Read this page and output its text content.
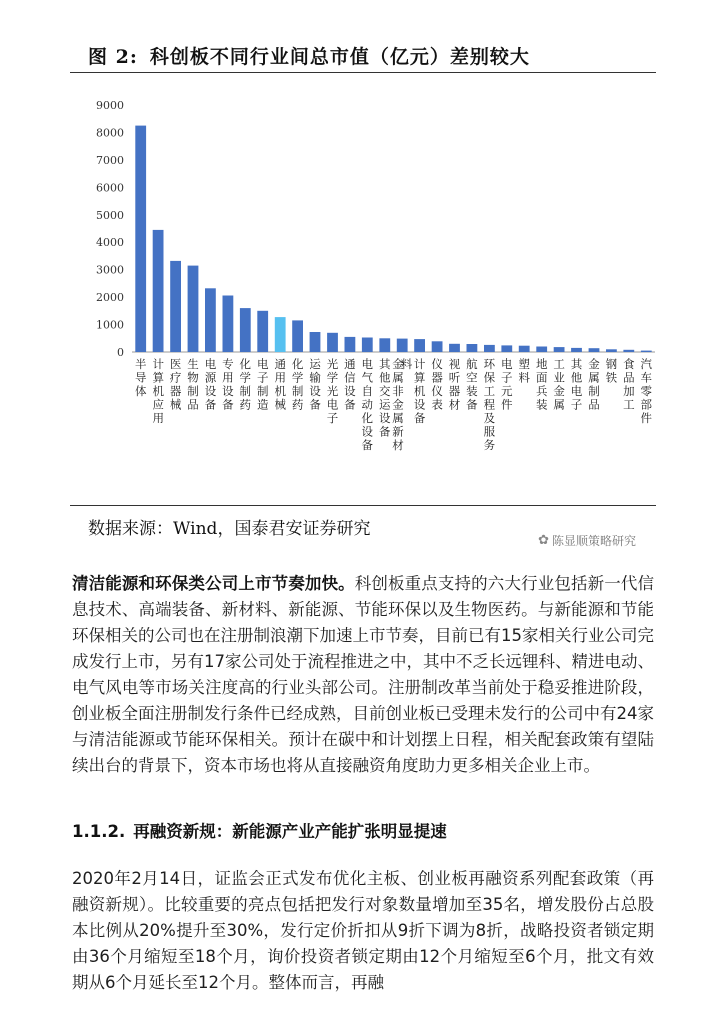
图 2: 科创板不同行业间总市值（亿元）差别较大
0
1000
2000
3000
4000
5000
6000
7000
8000
9000
半导体
计算机应用
医疗器械
生物制品
电源设备
专用设备
化学制药
电子制造
通用机械
化学制药
运输设备
光学光电子
通信设备
电气自动化设备
其他交运设备
金属非金属新材料 计算机设备
仪器仪表
视听器材
航空装备
环保工程及服务
电子元件
塑料
地面兵装
工业金属
其他电子
金属制品
钢铁
食品加工
汽车零部件
数据来源：Wind，国泰君安证券研究
✿ 陈显顺策略研究

清洁能源和环保类公司上市节奏加快。科创板重点支持的六大行业包括新一代信息技术、高端装备、新材料、新能源、节能环保以及生物医药。与新能源和节能环保相关的公司也在注册制浪潮下加速上市节奏，目前已有15家相关行业公司完成发行上市，另有17家公司处于流程推进之中，其中不乏长远锂科、精进电动、电气风电等市场关注度高的行业头部公司。注册制改革当前处于稳妥推进阶段，创业板全面注册制发行条件已经成熟，目前创业板已受理未发行的公司中有24家与清洁能源或节能环保相关。预计在碳中和计划摆上日程，相关配套政策有望陆续出台的背景下，资本市场也将从直接融资角度助力更多相关企业上市。

1.1.2. 再融资新规：新能源产业产能扩张明显提速

2020年2月14日，证监会正式发布优化主板、创业板再融资系列配套政策（再融资新规）。比较重要的亮点包括把发行对象数量增加至35名，增发股份占总股本比例从20%提升至30%，发行定价折扣从9折下调为8折，战略投资者锁定期由36个月缩短至18个月，询价投资者锁定期由12个月缩短至6个月，批文有效期从6个月延长至12个月。整体而言，再融
